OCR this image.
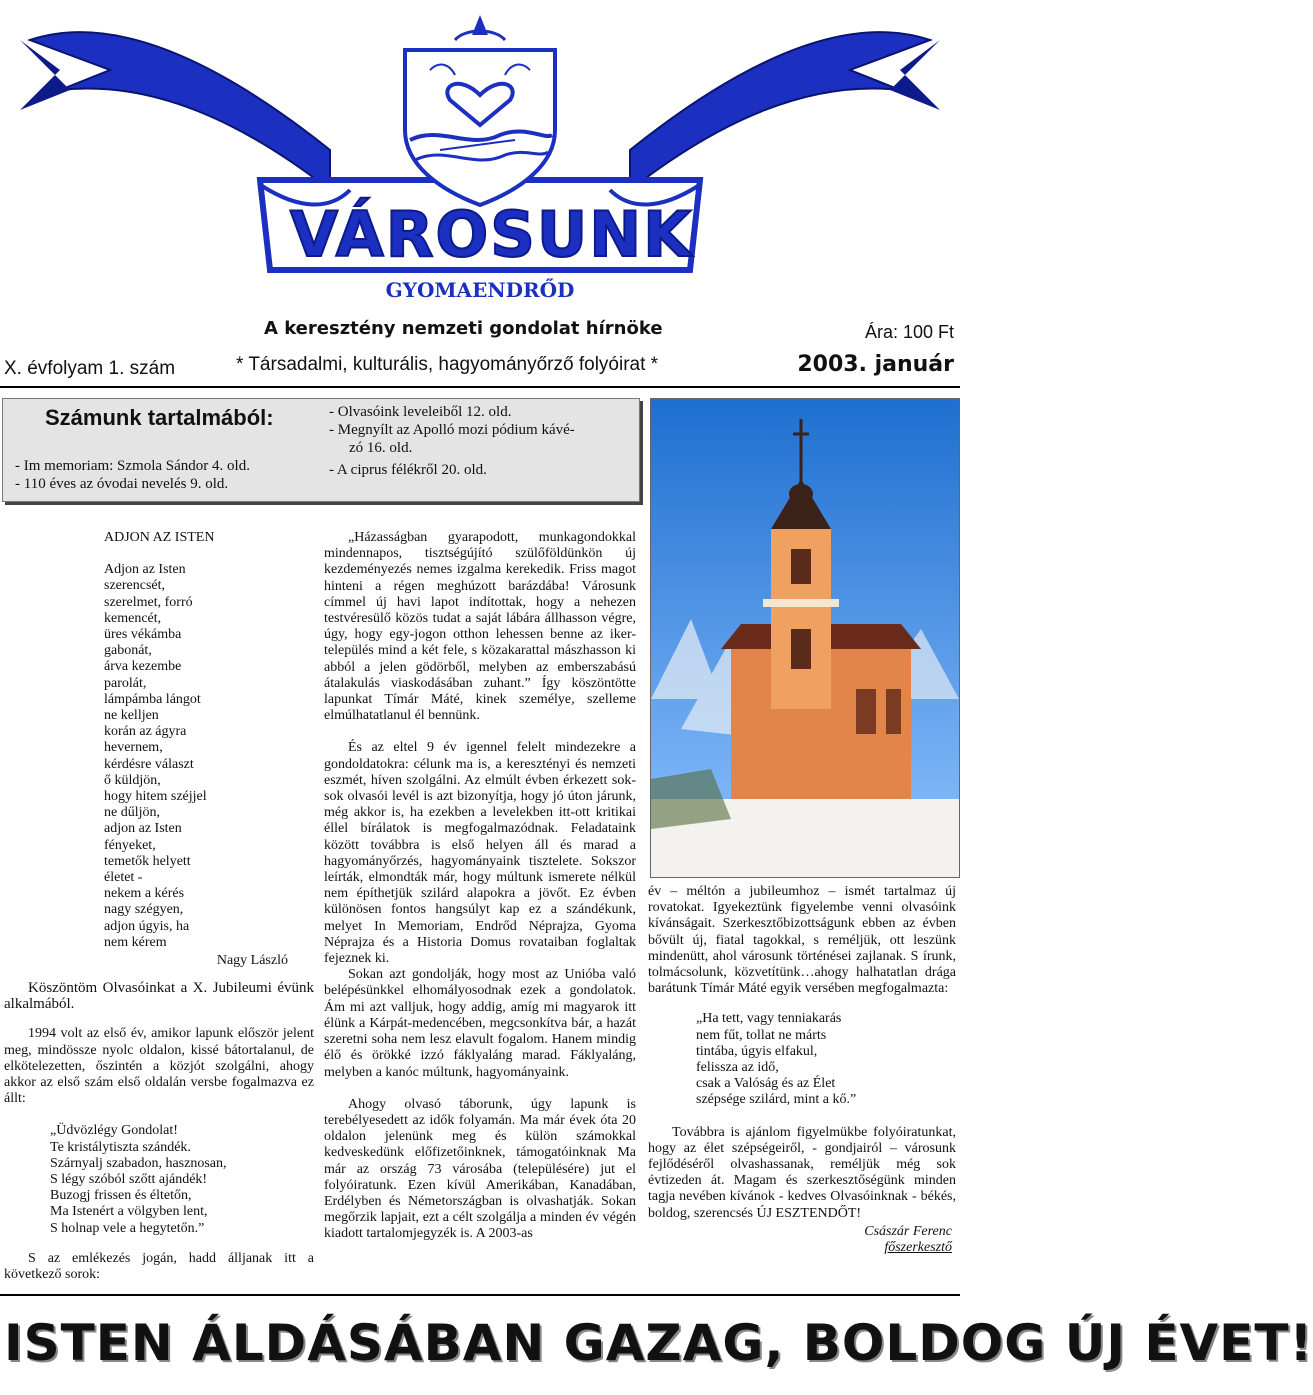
VÁROSUNK
GYOMAENDRŐD
A keresztény nemzeti gondolat hírnöke	Ára: 100 Ft
X. évfolyam 1. szám	* Társadalmi, kulturális, hagyományőrző folyóirat *	2003. január
Számunk tartalmából:
- Im memoriam: Szmola Sándor 4. old.
- 110 éves az óvodai nevelés 9. old.
- Olvasóink leveleiből 12. old.
- Megnyílt az Apolló mozi pódium kávé-
zó 16. old.
- A ciprus félékről 20. old.

ADJON AZ ISTEN

Adjon az Isten
szerencsét,
szerelmet, forró
kemencét,
üres vékámba
gabonát,
árva kezembe
parolát,
lámpámba lángot
ne kelljen
korán az ágyra
hevernem,
kérdésre választ
ő küldjön,
hogy hitem széjjel
ne dűljön,
adjon az Isten
fényeket,
temetők helyett
életet -
nekem a kérés
nagy szégyen,
adjon úgyis, ha
nem kérem

Nagy László

Köszöntöm Olvasóinkat a X. Jubileumi évünk alkalmából.

1994 volt az első év, amikor lapunk először jelent meg, mindössze nyolc oldalon, kissé bátortalanul, de elkötelezetten, őszintén a közjót szolgálni, ahogy akkor az első szám első oldalán versbe fogalmazva ez állt:

„Üdvözlégy Gondolat!
Te kristálytiszta szándék.
Szárnyalj szabadon, hasznosan,
S légy szóból szőtt ajándék!
Buzogj frissen és éltetőn,
Ma Istenért a völgyben lent,
S holnap vele a hegytetőn.”

S az emlékezés jogán, hadd álljanak itt a következő sorok:

„Házasságban gyarapodott, munkagondokkal mindennapos, tisztségújító szülőföldünkön új kezdeményezés nemes izgalma kerekedik. Friss magot hinteni a régen meghúzott barázdába! Városunk címmel új havi lapot indítottak, hogy a nehezen testvéresülő közös tudat a saját lábára állhasson végre, úgy, hogy egy-jogon otthon lehessen benne az iker-település mind a két fele, s közakarattal mászhasson ki abból a jelen gödörből, melyben az emberszabású átalakulás viaskodásában zuhant.” Így köszöntötte lapunkat Tímár Máté, kinek személye, szelleme elmúlhatatlanul él bennünk.

És az eltel 9 év igennel felelt mindezekre a gondoldatokra: célunk ma is, a keresztényi és nemzeti eszmét, híven szolgálni. Az elmúlt évben érkezett sok-sok olvasói levél is azt bizonyítja, hogy jó úton járunk, még akkor is, ha ezekben a levelekben itt-ott kritikai éllel bírálatok is megfogalmazódnak. Feladataink között továbbra is első helyen áll és marad a hagyományőrzés, hagyományaink tisztelete. Sokszor leírták, elmondták már, hogy múltunk ismerete nélkül nem építhetjük szilárd alapokra a jövőt. Ez évben különösen fontos hangsúlyt kap ez a szándékunk, melyet In Memoriam, Endrőd Néprajza, Gyoma Néprajza és a Historia Domus rovataiban foglaltak fejeznek ki.

Sokan azt gondolják, hogy most az Unióba való belépésünkkel elhomályosodnak ezek a gondolatok. Ám mi azt valljuk, hogy addig, amíg mi magyarok itt élünk a Kárpát-medencében, megcsonkítva bár, a hazát szeretni soha nem lesz elavult fogalom. Hanem mindig élő és örökké izzó fáklyaláng marad. Fáklyaláng, melyben a kanóc múltunk, hagyományaink.

Ahogy olvasó táborunk, úgy lapunk is terebélyesedett az idők folyamán. Ma már évek óta 20 oldalon jelenünk meg és külön számokkal kedveskedünk előfizetőinknek, támogatóinknak Ma már az ország 73 városába (településére) jut el folyóiratunk. Ezen kívül Amerikában, Kanadában, Erdélyben és Németországban is olvashatják. Sokan megőrzik lapjait, ezt a célt szolgálja a minden év végén kiadott tartalomjegyzék is. A 2003-as

év – méltón a jubileumhoz – ismét tartalmaz új rovatokat. Igyekeztünk figyelembe venni olvasóink kívánságait. Szerkesztőbizottságunk ebben az évben bővült új, fiatal tagokkal, s reméljük, ott leszünk mindenütt, ahol városunk történései zajlanak. S írunk, tolmácsolunk, közvetítünk…ahogy halhatatlan drága barátunk Tímár Máté egyik versében megfogalmazta:

„Ha tett, vagy tenniakarás
nem fűt, tollat ne márts
tintába, úgyis elfakul,
felissza az idő,
csak a Valóság és az Élet
szépsége szilárd, mint a kő.”

Továbbra is ajánlom figyelmükbe folyóiratunkat, hogy az élet szépségeiről, - gondjairól – városunk fejlődéséről olvashassanak, reméljük még sok évtizeden át. Magam és szerkesztőségünk minden tagja nevében kívánok - kedves Olvasóinknak - békés, boldog, szerencsés ÚJ ESZTENDŐT!

Császár Ferenc

főszerkesztő

ISTEN ÁLDÁSÁBAN GAZAG, BOLDOG ÚJ ÉVET!
